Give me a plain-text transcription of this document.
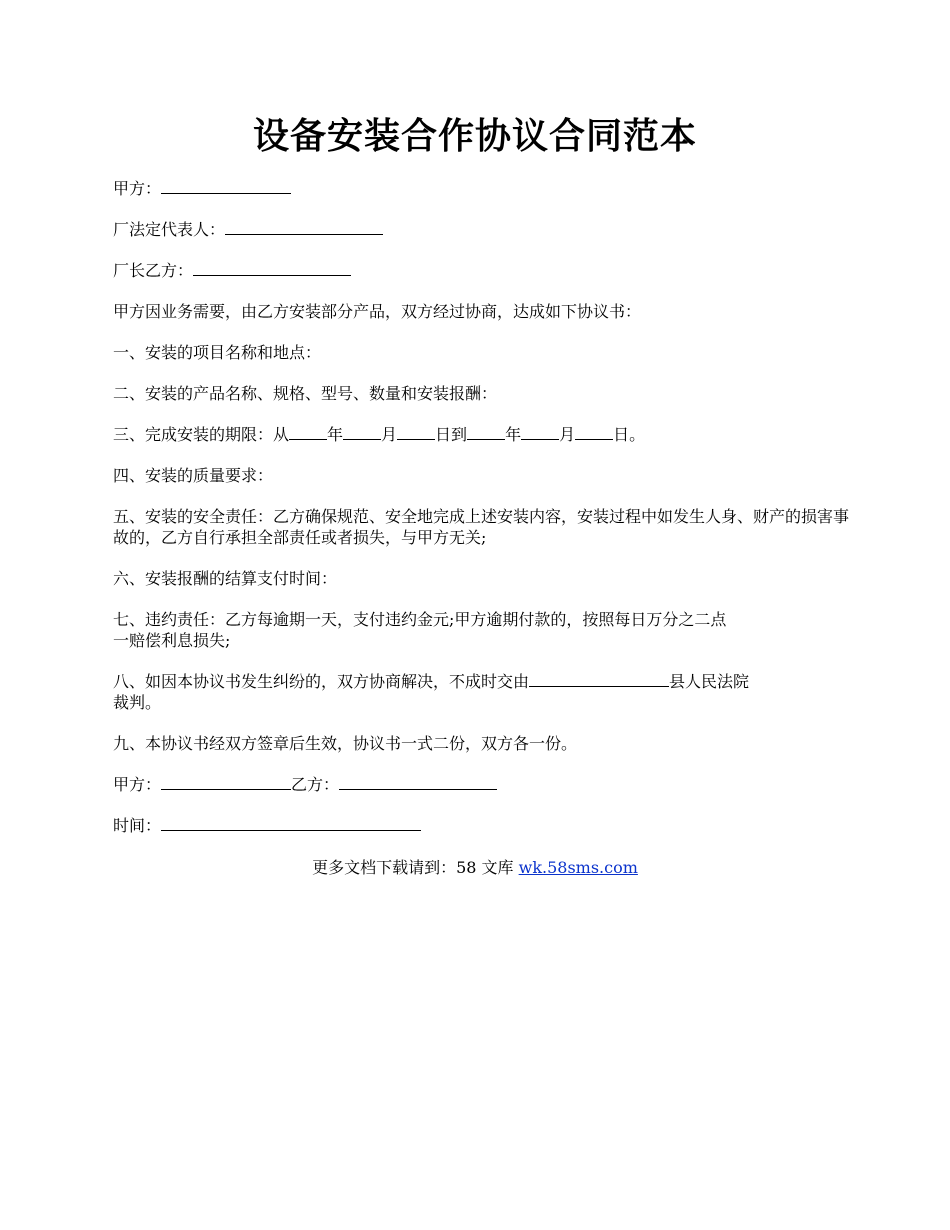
设备安装合作协议合同范本

甲方：

厂法定代表人：

厂长乙方：

甲方因业务需要，由乙方安装部分产品，双方经过协商，达成如下协议书：

一、安装的项目名称和地点：

二、安装的产品名称、规格、型号、数量和安装报酬：

三、完成安装的期限：从 年 月 日到 年 月 日。

四、安装的质量要求：

五、安装的安全责任：乙方确保规范、安全地完成上述安装内容，安装过程中如发生人身、财产的损害事故的，乙方自行承担全部责任或者损失，与甲方无关;

六、安装报酬的结算支付时间：

七、违约责任：乙方每逾期一天，支付违约金元;甲方逾期付款的，按照每日万分之二点
一赔偿利息损失;

八、如因本协议书发生纠纷的，双方协商解决，不成时交由	县人民法院
裁判。

九、本协议书经双方签章后生效，协议书一式二份，双方各一份。

甲方：	乙方：

时间：

更多文档下载请到：58 文库 wk.58sms.com
